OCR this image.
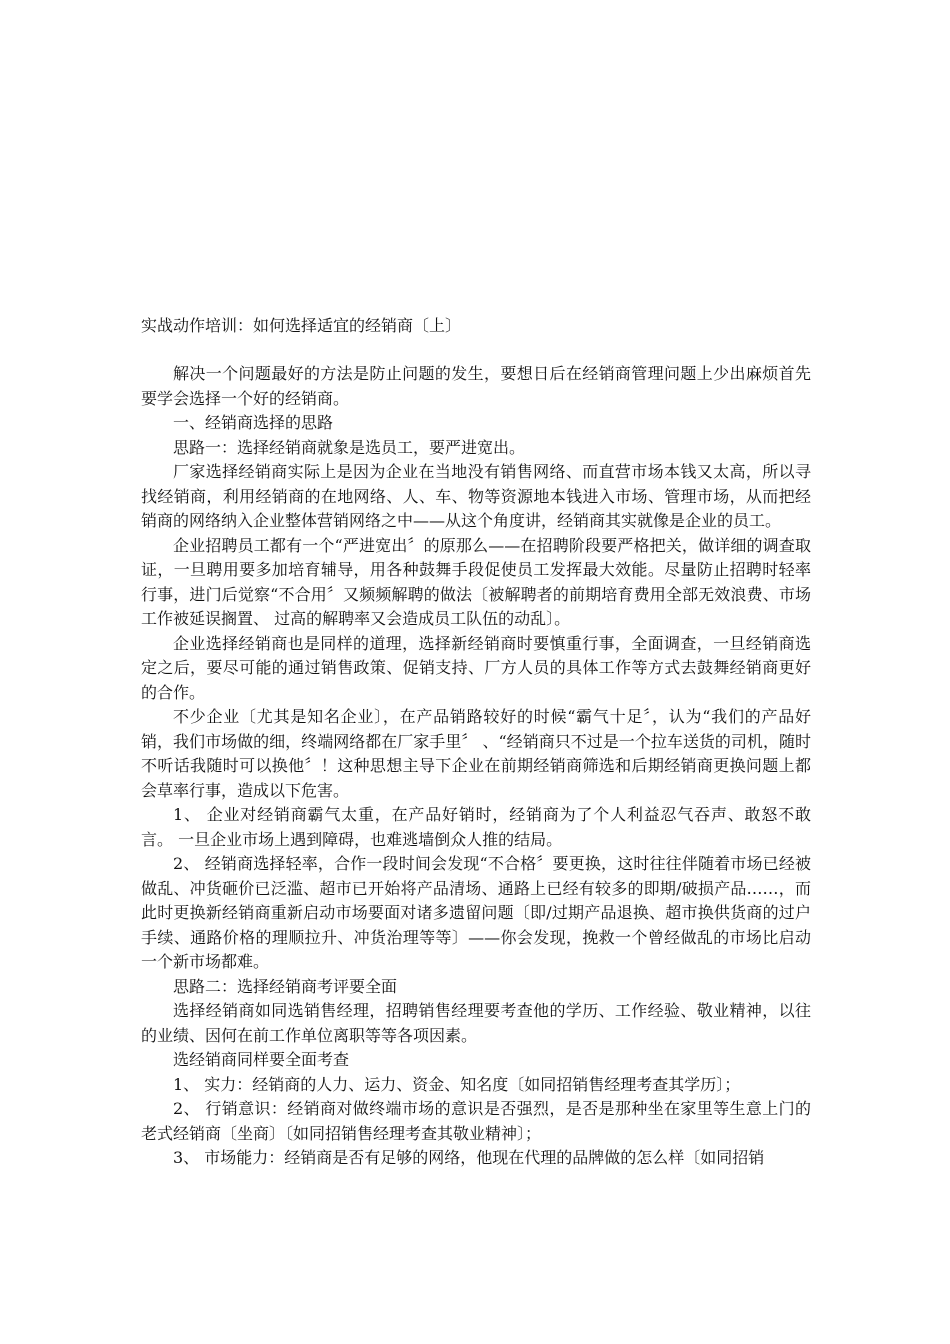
实战动作培训：如何选择适宜的经销商〔上〕

解决一个问题最好的方法是防止问题的发生，要想日后在经销商管理问题上少出麻烦首先要学会选择一个好的经销商。

一、经销商选择的思路

思路一：选择经销商就象是选员工，要严进宽出。

厂家选择经销商实际上是因为企业在当地没有销售网络、而直营市场本钱又太高，所以寻找经销商，利用经销商的在地网络、人、车、物等资源地本钱进入市场、管理市场，从而把经销商的网络纳入企业整体营销网络之中——从这个角度讲，经销商其实就像是企业的员工。

企业招聘员工都有一个“严进宽出〞的原那么——在招聘阶段要严格把关，做详细的调查取证，一旦聘用要多加培育辅导，用各种鼓舞手段促使员工发挥最大效能。尽量防止招聘时轻率行事，进门后觉察“不合用〞又频频解聘的做法〔被解聘者的前期培育费用全部无效浪费、市场工作被延误搁置、 过高的解聘率又会造成员工队伍的动乱〕。

企业选择经销商也是同样的道理，选择新经销商时要慎重行事，全面调查，一旦经销商选定之后，要尽可能的通过销售政策、促销支持、厂方人员的具体工作等方式去鼓舞经销商更好的合作。

不少企业〔尤其是知名企业〕，在产品销路较好的时候“霸气十足〞，认为“我们的产品好销，我们市场做的细，终端网络都在厂家手里〞 、“经销商只不过是一个拉车送货的司机，随时不听话我随时可以换他〞！这种思想主导下企业在前期经销商筛选和后期经销商更换问题上都会草率行事，造成以下危害。

1、 企业对经销商霸气太重，在产品好销时，经销商为了个人利益忍气吞声、敢怒不敢言。 一旦企业市场上遇到障碍，也难逃墙倒众人推的结局。

2、 经销商选择轻率，合作一段时间会发现“不合格〞要更换，这时往往伴随着市场已经被做乱、冲货砸价已泛滥、超市已开始将产品清场、通路上已经有较多的即期/破损产品……，而此时更换新经销商重新启动市场要面对诸多遗留问题〔即/过期产品退换、超市换供货商的过户手续、通路价格的理顺拉升、冲货治理等等〕——你会发现，挽救一个曾经做乱的市场比启动一个新市场都难。

思路二：选择经销商考评要全面

选择经销商如同选销售经理，招聘销售经理要考查他的学历、工作经验、敬业精神，以往的业绩、因何在前工作单位离职等等各项因素。

选经销商同样要全面考查

1、 实力：经销商的人力、运力、资金、知名度〔如同招销售经理考查其学历〕；

2、 行销意识：经销商对做终端市场的意识是否强烈，是否是那种坐在家里等生意上门的老式经销商〔坐商〕〔如同招销售经理考查其敬业精神〕；

3、 市场能力：经销商是否有足够的网络，他现在代理的品牌做的怎么样〔如同招销
